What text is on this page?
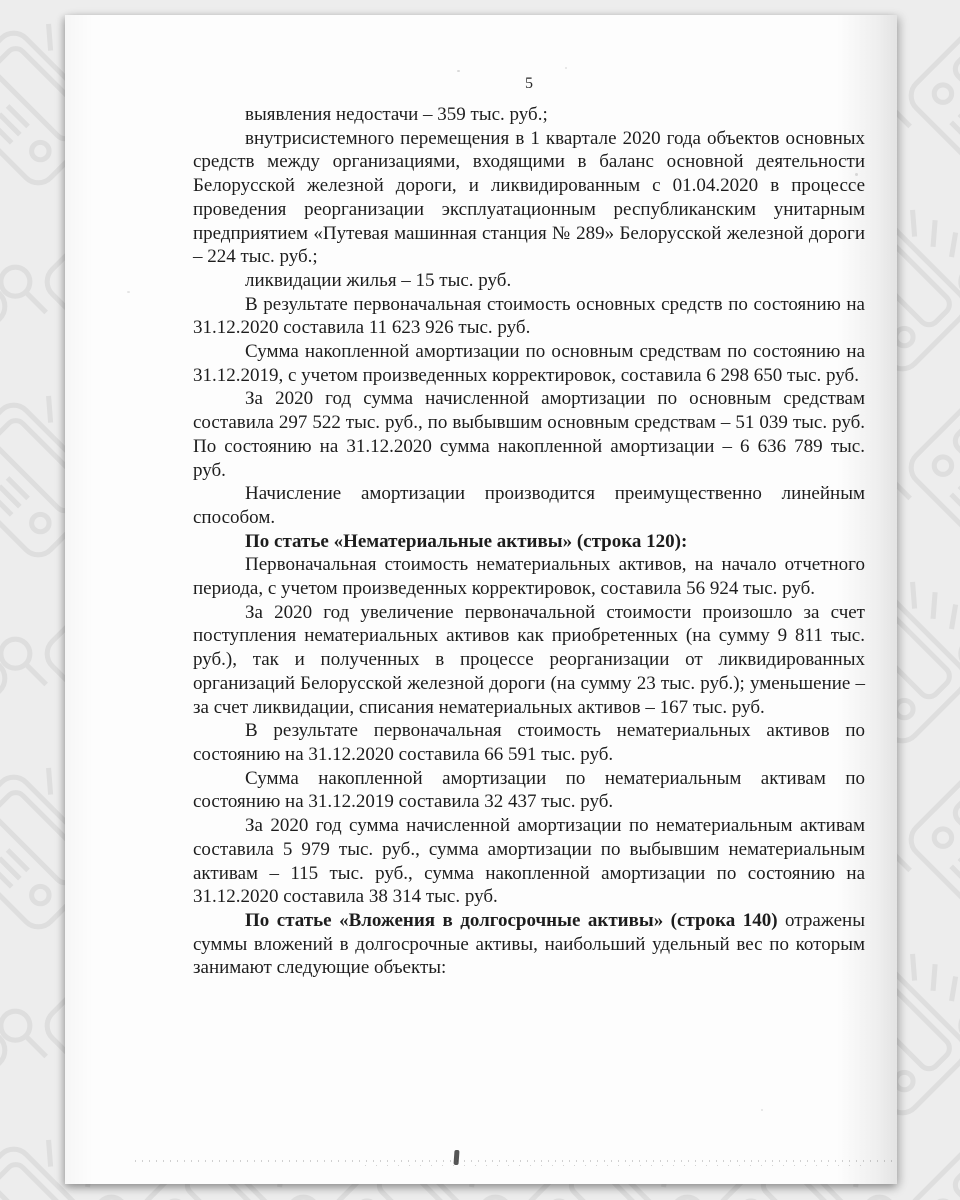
5

выявления недостачи – 359 тыс. руб.;

внутрисистемного перемещения в 1 квартале 2020 года объектов основных средств между организациями, входящими в баланс основной деятельности Белорусской железной дороги, и ликвидированным с 01.04.2020 в процессе проведения реорганизации эксплуатационным республиканским унитарным предприятием «Путевая машинная станция № 289» Белорусской железной дороги – 224 тыс. руб.;

ликвидации жилья – 15 тыс. руб.

В результате первоначальная стоимость основных средств по состоянию на 31.12.2020 составила 11 623 926 тыс. руб.

Сумма накопленной амортизации по основным средствам по состоянию на 31.12.2019, с учетом произведенных корректировок, составила 6 298 650 тыс. руб.

За 2020 год сумма начисленной амортизации по основным средствам составила 297 522 тыс. руб., по выбывшим основным средствам – 51 039 тыс. руб. По состоянию на 31.12.2020 сумма накопленной амортизации – 6 636 789 тыс. руб.

Начисление амортизации производится преимущественно линейным способом.

По статье «Нематериальные активы» (строка 120):

Первоначальная стоимость нематериальных активов, на начало отчетного периода, с учетом произведенных корректировок, составила 56 924 тыс. руб.

За 2020 год увеличение первоначальной стоимости произошло за счет поступления нематериальных активов как приобретенных (на сумму 9 811 тыс. руб.), так и полученных в процессе реорганизации от ликвидированных организаций Белорусской железной дороги (на сумму 23 тыс. руб.); уменьшение – за счет ликвидации, списания нематериальных активов – 167 тыс. руб.

В результате первоначальная стоимость нематериальных активов по состоянию на 31.12.2020 составила 66 591 тыс. руб.

Сумма накопленной амортизации по нематериальным активам по состоянию на 31.12.2019 составила 32 437 тыс. руб.

За 2020 год сумма начисленной амортизации по нематериальным активам составила 5 979 тыс. руб., сумма амортизации по выбывшим нематериальным активам – 115 тыс. руб., сумма накопленной амортизации по состоянию на 31.12.2020 составила 38 314 тыс. руб.

По статье «Вложения в долгосрочные активы» (строка 140) отражены суммы вложений в долгосрочные активы, наибольший удельный вес по которым занимают следующие объекты:
